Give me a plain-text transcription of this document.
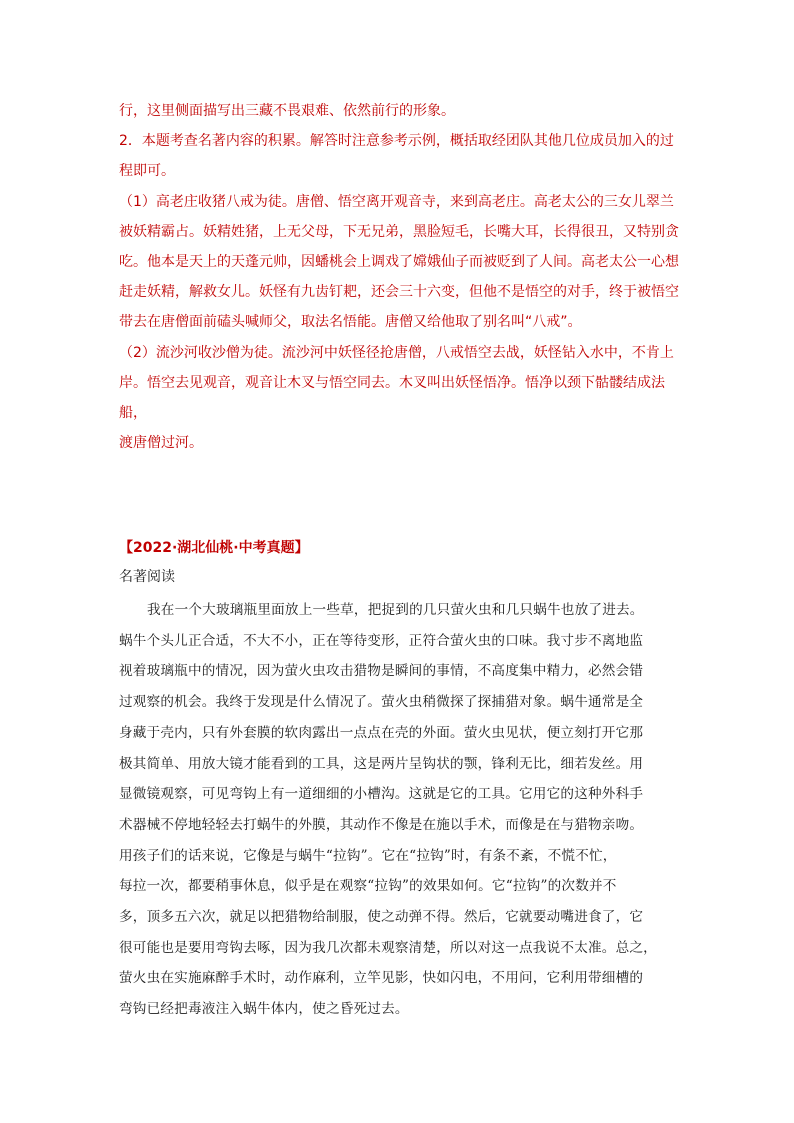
行，这里侧面描写出三藏不畏艰难、依然前行的形象。
2．本题考查名著内容的积累。解答时注意参考示例，概括取经团队其他几位成员加入的过
程即可。
（1）高老庄收猪八戒为徒。唐僧、悟空离开观音寺，来到高老庄。高老太公的三女儿翠兰
被妖精霸占。妖精姓猪，上无父母，下无兄弟，黑脸短毛，长嘴大耳，长得很丑，又特别贪
吃。他本是天上的天蓬元帅，因蟠桃会上调戏了嫦娥仙子而被贬到了人间。高老太公一心想
赶走妖精，解救女儿。妖怪有九齿钉耙，还会三十六变，但他不是悟空的对手，终于被悟空
带去在唐僧面前磕头喊师父，取法名悟能。唐僧又给他取了别名叫“八戒”。
（2）流沙河收沙僧为徒。流沙河中妖怪径抢唐僧，八戒悟空去战，妖怪钻入水中，不肯上
岸。悟空去见观音，观音让木叉与悟空同去。木叉叫出妖怪悟净。悟净以颈下骷髅结成法船，
渡唐僧过河。
【2022·湖北仙桃·中考真题】
名著阅读
我在一个大玻璃瓶里面放上一些草，把捉到的几只萤火虫和几只蜗牛也放了进去。
蜗牛个头儿正合适，不大不小，正在等待变形，正符合萤火虫的口味。我寸步不离地监
视着玻璃瓶中的情况，因为萤火虫攻击猎物是瞬间的事情，不高度集中精力，必然会错
过观察的机会。我终于发现是什么情况了。萤火虫稍微探了探捕猎对象。蜗牛通常是全
身藏于壳内，只有外套膜的软肉露出一点点在壳的外面。萤火虫见状，便立刻打开它那
极其简单、用放大镜才能看到的工具，这是两片呈钩状的颚，锋利无比，细若发丝。用
显微镜观察，可见弯钩上有一道细细的小槽沟。这就是它的工具。它用它的这种外科手
术器械不停地轻轻去打蜗牛的外膜，其动作不像是在施以手术，而像是在与猎物亲吻。
用孩子们的话来说，它像是与蜗牛“拉钩”。它在“拉钩”时，有条不紊，不慌不忙，
每拉一次，都要稍事休息，似乎是在观察“拉钩”的效果如何。它“拉钩”的次数并不
多，顶多五六次，就足以把猎物给制服，使之动弹不得。然后，它就要动嘴进食了，它
很可能也是要用弯钩去啄，因为我几次都未观察清楚，所以对这一点我说不太准。总之，
萤火虫在实施麻醉手术时，动作麻利，立竿见影，快如闪电，不用问，它利用带细槽的
弯钩已经把毒液注入蜗牛体内，使之昏死过去。
